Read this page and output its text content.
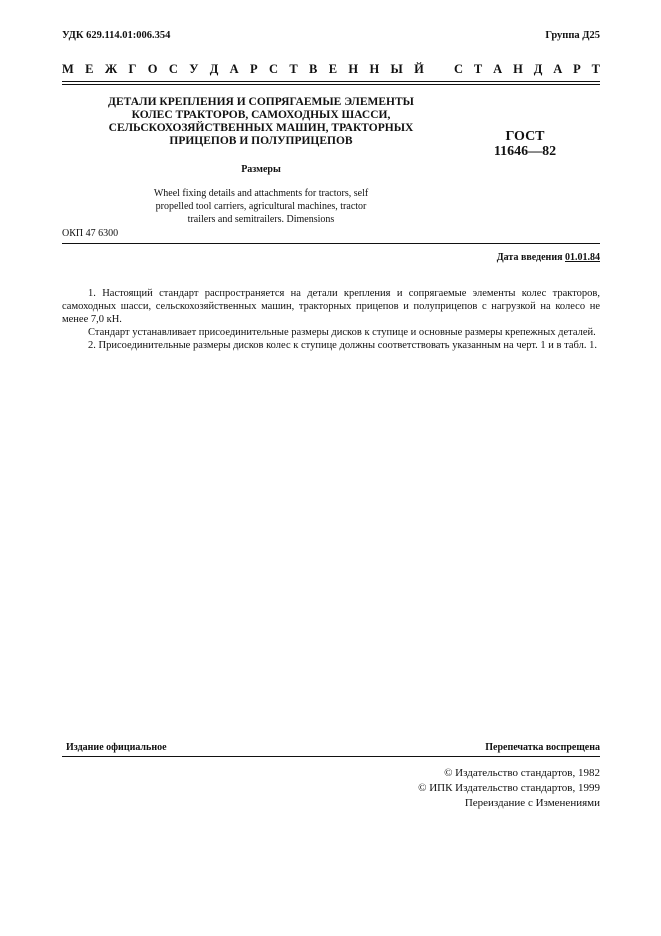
УДК 629.114.01:006.354	Группа Д25
М Е Ж Г О С У Д А Р С Т В Е Н Н Ы Й С Т А Н Д А Р Т
ДЕТАЛИ КРЕПЛЕНИЯ И СОПРЯГАЕМЫЕ ЭЛЕМЕНТЫ
КОЛЕС ТРАКТОРОВ, САМОХОДНЫХ ШАССИ,
СЕЛЬСКОХОЗЯЙСТВЕННЫХ МАШИН, ТРАКТОРНЫХ
ПРИЦЕПОВ И ПОЛУПРИЦЕПОВ	ГОСТ
11646—82
Размеры
Wheel fixing details and attachments for tractors, self
propelled tool carriers, agricultural machines, tractor
trailers and semitrailers. Dimensions
ОКП 47 6300
Дата введения 01.01.84

1. Настоящий стандарт распространяется на детали крепления и сопрягаемые элементы колес тракторов, самоходных шасси, сельскохозяйственных машин, тракторных прицепов и полуприцепов с нагрузкой на колесо не менее 7,0 кН.

Стандарт устанавливает присоединительные размеры дисков к ступице и основные размеры крепежных деталей.

2. Присоединительные размеры дисков колес к ступице должны соответствовать указанным на черт. 1 и в табл. 1.

Издание официальное	Перепечатка воспрещена
© Издательство стандартов, 1982
© ИПК Издательство стандартов, 1999
Переиздание с Изменениями
